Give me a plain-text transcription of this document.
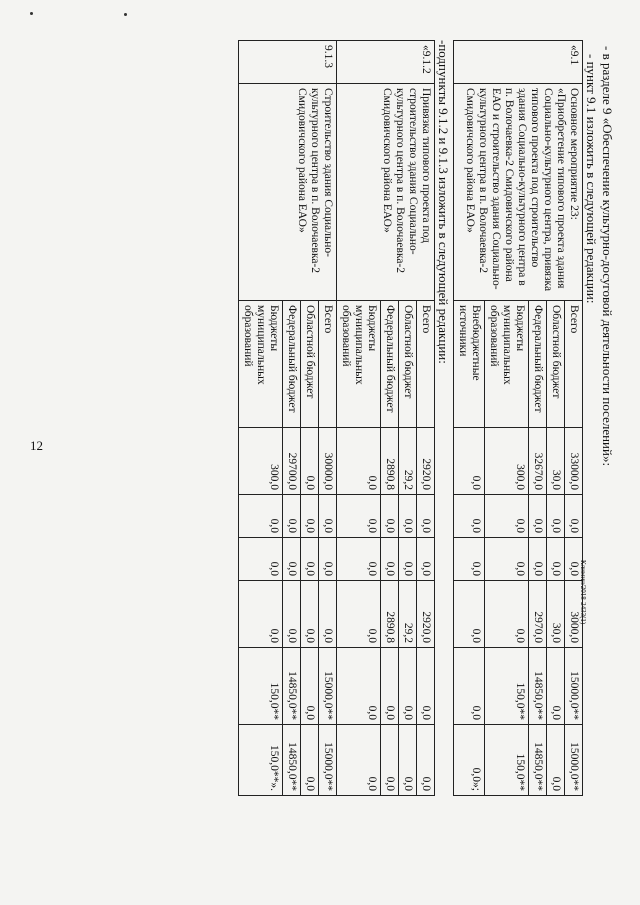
12	- в разделе 9 «Обеспечение культурно-досуговой деятельности поселений»:

- пункт 9.1 изложить в следующей редакции:

«9.1	Основное мероприятие 23: «Приобретение типового проекта здания Социально-культурного центра, привязка типового проекта под строительство здания Социально-культурного центра в п. Волочаевка-2 Смидовичского района ЕАО и строительство здания Социально-культурного центра в п. Волочаевка-2 Смидовичского района ЕАО»	Всего	33000,0	0,0	0,0	3000,0	15000,0**	15000,0**
		Областной бюджет	30,0	0,0	0,0	30,0	0,0	0,0
		Федеральный бюджет	32670,0	0,0	0,0	2970,0	14850,0**	14850,0**
		Бюджеты муниципальных образований	300,0	0,0	0,0	0,0	150,0**	150,0**
		Внебюджетные источники	0,0	0,0	0,0	0,0	0,0	0,0»;

-подпункты 9.1.2 и 9.1.3 изложить в следующей редакции:

«9.1.2	Привязка типового проекта под строительство здания Социально-культурного центра в п. Волочаевка-2 Смидовичского района ЕАО»	Всего	2920,0	0,0	0,0	2920,0	0,0	0,0
		Областной бюджет	29,2	0,0	0,0	29,2	0,0	0,0
		Федеральный бюджет	2890,8	0,0	0,0	2890,8	0,0	0,0
		Бюджеты муниципальных образований	0,0	0,0	0,0	0,0	0,0	0,0
9.1.3	Строительство здания Социально-культурного центра в п. Волочаевка-2 Смидовичского района ЕАО»	Всего	30000,0	0,0	0,0	0,0	15000,0**	15000,0**
		Областной бюджет	0,0	0,0	0,0	0,0	0,0	0,0
		Федеральный бюджет	29700,0	0,0	0,0	0,0	14850,0**	14850,0**
		Бюджеты муниципальных образований	300,0	0,0	0,0	0,0	150,0**	150,0**».
Климин/2018-2433(1)
